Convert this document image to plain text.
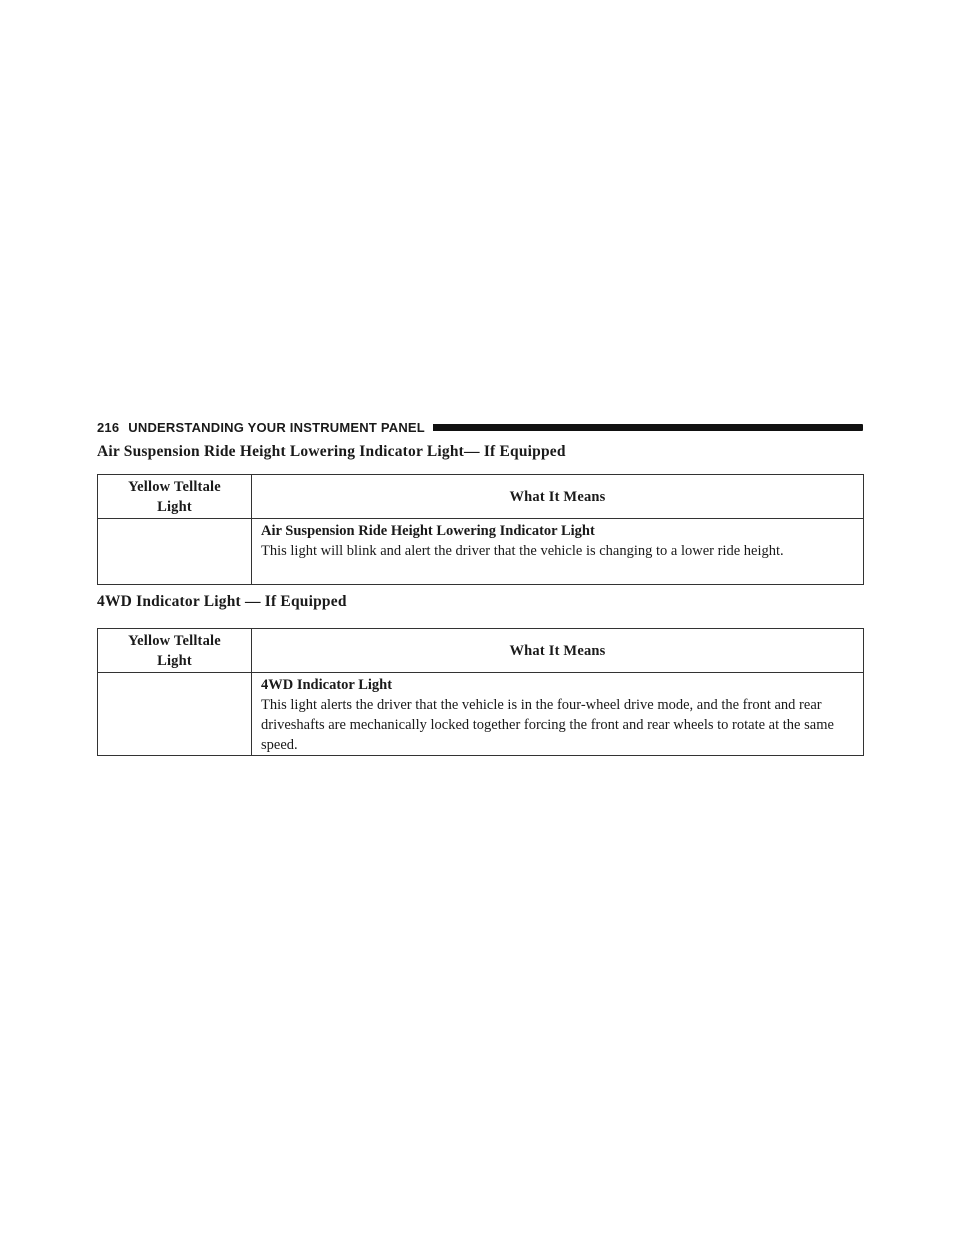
216 UNDERSTANDING YOUR INSTRUMENT PANEL
Air Suspension Ride Height Lowering Indicator Light— If Equipped
Yellow Telltale Light	What It Means

	Air Suspension Ride Height Lowering Indicator Light
This light will blink and alert the driver that the vehicle is changing to a lower ride height.
4WD Indicator Light — If Equipped
Yellow Telltale Light	What It Means

	4WD Indicator Light
This light alerts the driver that the vehicle is in the four-wheel drive mode, and the front and rear driveshafts are mechanically locked together forcing the front and rear wheels to rotate at the same speed.
